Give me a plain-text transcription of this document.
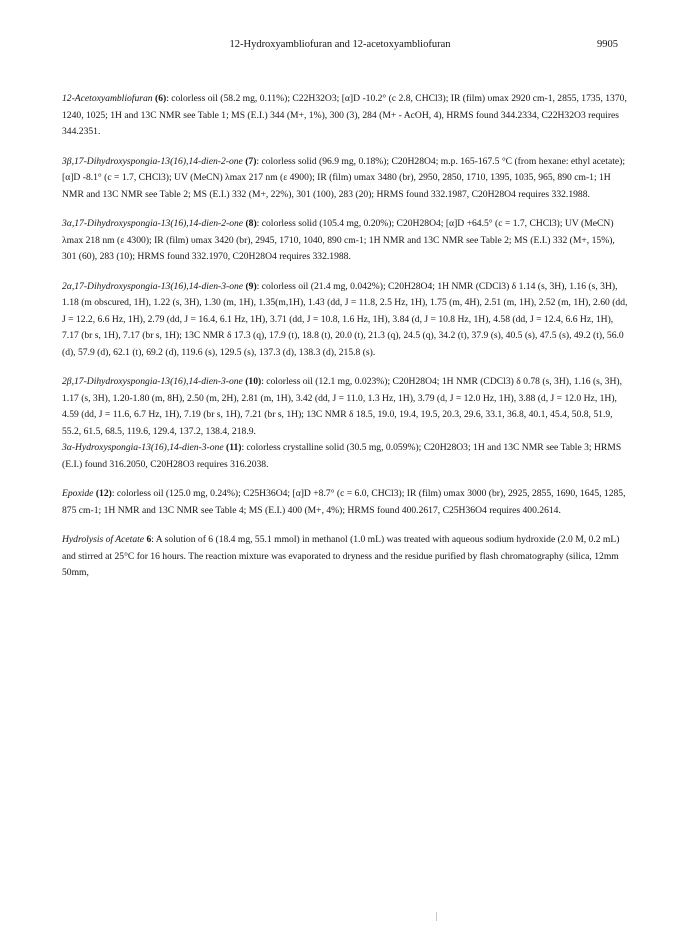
12-Hydroxyambliofuran and 12-acetoxyambliofuran	9905

12-Acetoxyambliofuran (6): colorless oil (58.2 mg, 0.11%); C22H32O3; [α]D -10.2° (c 2.8, CHCl3); IR (film) υmax 2920 cm-1, 2855, 1735, 1370, 1240, 1025; 1H and 13C NMR see Table 1; MS (E.I.) 344 (M+, 1%), 300 (3), 284 (M+ - AcOH, 4), HRMS found 344.2334, C22H32O3 requires 344.2351.

3β,17-Dihydroxyspongia-13(16),14-dien-2-one (7): colorless solid (96.9 mg, 0.18%); C20H28O4; m.p. 165-167.5 °C (from hexane: ethyl acetate); [α]D -8.1° (c = 1.7, CHCl3); UV (MeCN) λmax 217 nm (ε 4900); IR (film) υmax 3480 (br), 2950, 2850, 1710, 1395, 1035, 965, 890 cm-1; 1H NMR and 13C NMR see Table 2; MS (E.I.) 332 (M+, 22%), 301 (100), 283 (20); HRMS found 332.1987, C20H28O4 requires 332.1988.

3α,17-Dihydroxyspongia-13(16),14-dien-2-one (8): colorless solid (105.4 mg, 0.20%); C20H28O4; [α]D +64.5° (c = 1.7, CHCl3); UV (MeCN) λmax 218 nm (ε 4300); IR (film) υmax 3420 (br), 2945, 1710, 1040, 890 cm-1; 1H NMR and 13C NMR see Table 2; MS (E.I.) 332 (M+, 15%), 301 (60), 283 (10); HRMS found 332.1970, C20H28O4 requires 332.1988.

2α,17-Dihydroxyspongia-13(16),14-dien-3-one (9): colorless oil (21.4 mg, 0.042%); C20H28O4; 1H NMR (CDCl3) δ 1.14 (s, 3H), 1.16 (s, 3H), 1.18 (m obscured, 1H), 1.22 (s, 3H), 1.30 (m, 1H), 1.35(m,1H), 1.43 (dd, J = 11.8, 2.5 Hz, 1H), 1.75 (m, 4H), 2.51 (m, 1H), 2.52 (m, 1H), 2.60 (dd, J = 12.2, 6.6 Hz, 1H), 2.79 (dd, J = 16.4, 6.1 Hz, 1H), 3.71 (dd, J = 10.8, 1.6 Hz, 1H), 3.84 (d, J = 10.8 Hz, 1H), 4.58 (dd, J = 12.4, 6.6 Hz, 1H), 7.17 (br s, 1H), 7.17 (br s, 1H); 13C NMR δ 17.3 (q), 17.9 (t), 18.8 (t), 20.0 (t), 21.3 (q), 24.5 (q), 34.2 (t), 37.9 (s), 40.5 (s), 47.5 (s), 49.2 (t), 56.0 (d), 57.9 (d), 62.1 (t), 69.2 (d), 119.6 (s), 129.5 (s), 137.3 (d), 138.3 (d), 215.8 (s).

2β,17-Dihydroxyspongia-13(16),14-dien-3-one (10): colorless oil (12.1 mg, 0.023%); C20H28O4; 1H NMR (CDCl3) δ 0.78 (s, 3H), 1.16 (s, 3H), 1.17 (s, 3H), 1.20-1.80 (m, 8H), 2.50 (m, 2H), 2.81 (m, 1H), 3.42 (dd, J = 11.0, 1.3 Hz, 1H), 3.79 (d, J = 12.0 Hz, 1H), 3.88 (d, J = 12.0 Hz, 1H), 4.59 (dd, J = 11.6, 6.7 Hz, 1H), 7.19 (br s, 1H), 7.21 (br s, 1H); 13C NMR δ 18.5, 19.0, 19.4, 19.5, 20.3, 29.6, 33.1, 36.8, 40.1, 45.4, 50.8, 51.9, 55.2, 61.5, 68.5, 119.6, 129.4, 137.2, 138.4, 218.9.

3α-Hydroxyspongia-13(16),14-dien-3-one (11): colorless crystalline solid (30.5 mg, 0.059%); C20H28O3; 1H and 13C NMR see Table 3; HRMS (E.I.) found 316.2050, C20H28O3 requires 316.2038.

Epoxide (12): colorless oil (125.0 mg, 0.24%); C25H36O4; [α]D +8.7° (c = 6.0, CHCl3); IR (film) υmax 3000 (br), 2925, 2855, 1690, 1645, 1285, 875 cm-1; 1H NMR and 13C NMR see Table 4; MS (E.I.) 400 (M+, 4%); HRMS found 400.2617, C25H36O4 requires 400.2614.

Hydrolysis of Acetate 6: A solution of 6 (18.4 mg, 55.1 mmol) in methanol (1.0 mL) was treated with aqueous sodium hydroxide (2.0 M, 0.2 mL) and stirred at 25°C for 16 hours. The reaction mixture was evaporated to dryness and the residue purified by flash chromatography (silica, 12mm 50mm,
